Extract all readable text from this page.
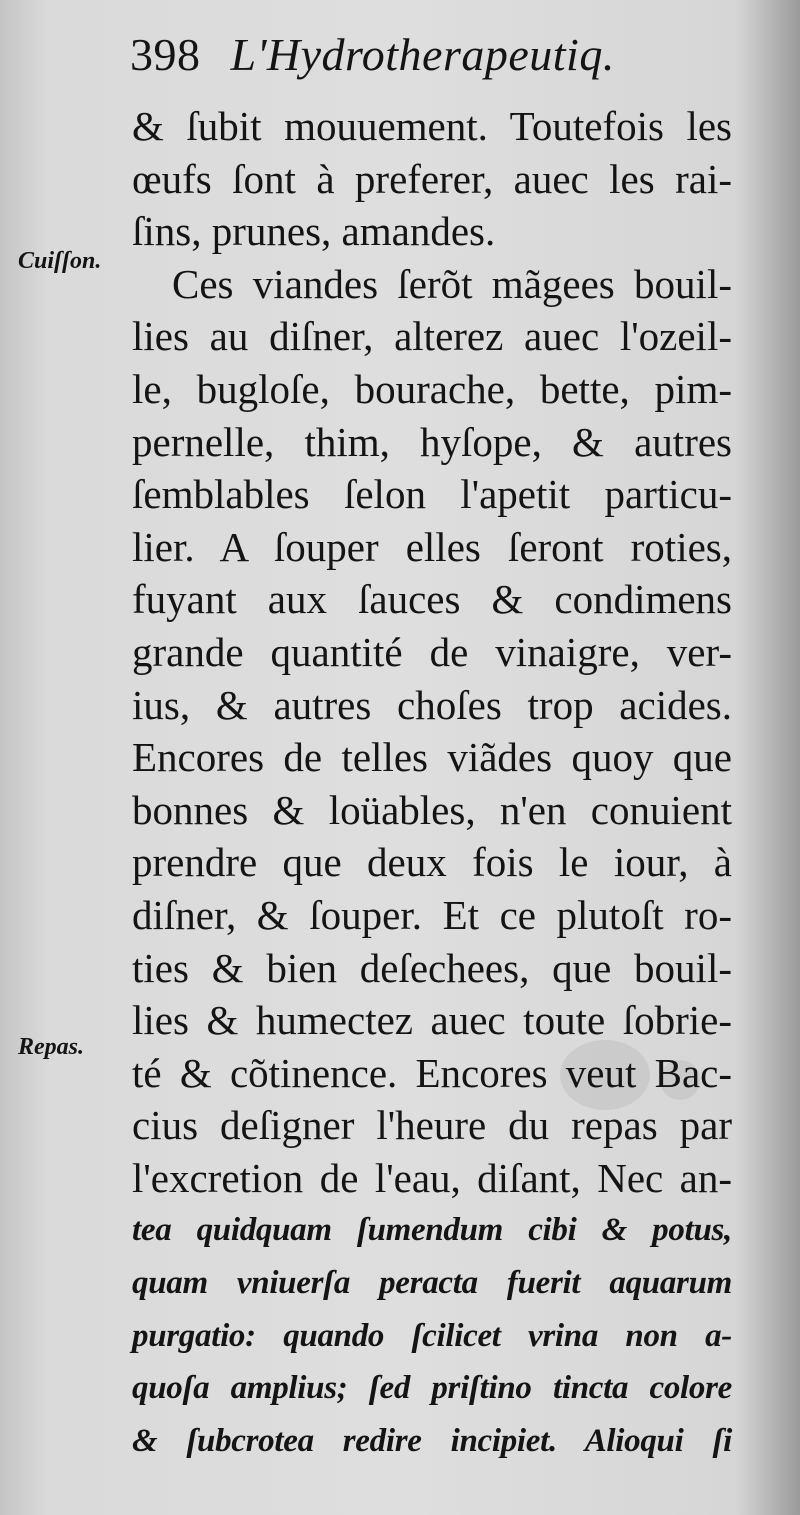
398 L'Hydrotherapeutiq.
Cuiſſon.
Repas.
& ſubit mouuement. Toutefois les
œufs ſont à preferer, auec les rai-
ſins, prunes, amandes.
Ces viandes ſerõt mãgees bouil-
lies au diſner, alterez auec l'ozeil-
le, bugloſe, bourache, bette, pim-
pernelle, thim, hyſope, & autres
ſemblables ſelon l'apetit particu-
lier. A ſouper elles ſeront roties,
fuyant aux ſauces & condimens
grande quantité de vinaigre, ver-
ius, & autres choſes trop acides.
Encores de telles viãdes quoy que
bonnes & loüables, n'en conuient
prendre que deux fois le iour, à
diſner, & ſouper. Et ce plutoſt ro-
ties & bien deſechees, que bouil-
lies & humectez auec toute ſobrie-
té & cõtinence. Encores veut Bac-
cius deſigner l'heure du repas par
l'excretion de l'eau, diſant, Nec an-
tea quidquam ſumendum cibi & potus,
quam vniuerſa peracta fuerit aquarum
purgatio: quando ſcilicet vrina non a-
quoſa amplius; ſed priſtino tincta colore
& ſubcrotea redire incipiet. Alioqui ſi
